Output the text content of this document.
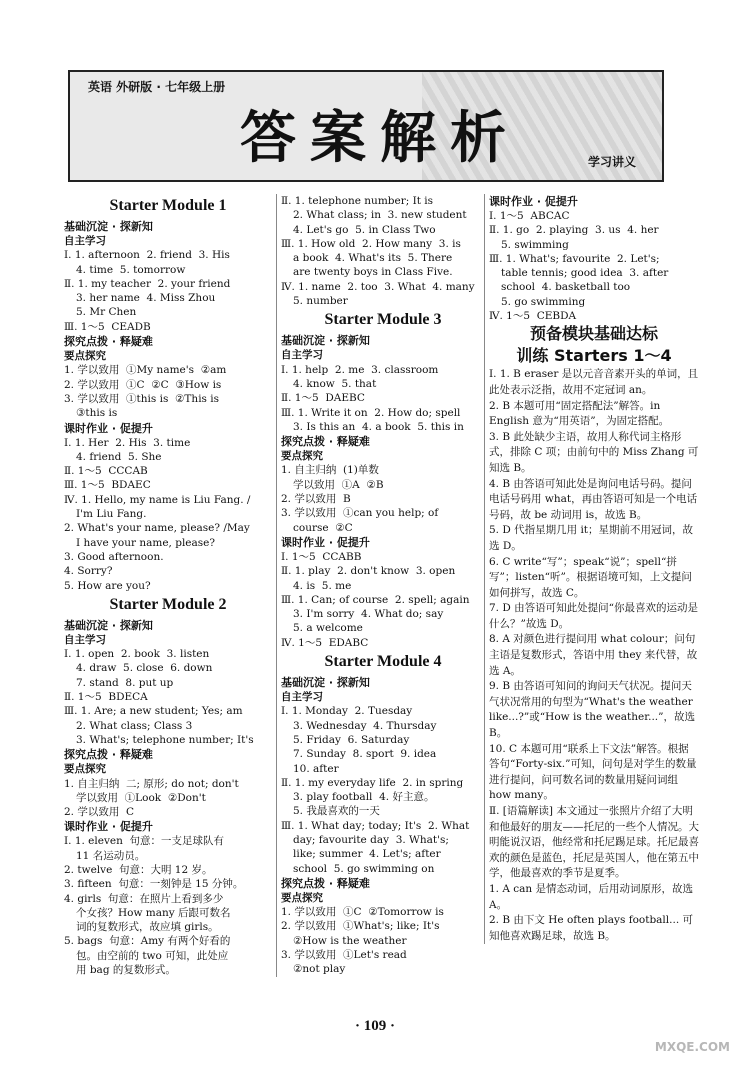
英语 外研版 · 七年级上册
答案解析	学习讲义
Starter Module 1
基础沉淀 · 探新知
自主学习
Ⅰ. 1. afternoon  2. friend  3. His
4. time  5. tomorrow
Ⅱ. 1. my teacher  2. your friend
3. her name  4. Miss Zhou
5. Mr Chen
Ⅲ. 1～5  CEADB
探究点拨 · 释疑难
要点探究
1. 学以致用  ①My name's  ②am
2. 学以致用  ①C  ②C  ③How is
3. 学以致用  ①this is  ②This is
③this is
课时作业 · 促提升
Ⅰ. 1. Her  2. His  3. time
4. friend  5. She
Ⅱ. 1～5  CCCAB
Ⅲ. 1～5  BDAEC
Ⅳ. 1. Hello, my name is Liu Fang. /
I'm Liu Fang.
2. What's your name, please? /May
I have your name, please?
3. Good afternoon.
4. Sorry?
5. How are you?
Starter Module 2
基础沉淀 · 探新知
自主学习
Ⅰ. 1. open  2. book  3. listen
4. draw  5. close  6. down
7. stand  8. put up
Ⅱ. 1～5  BDECA
Ⅲ. 1. Are; a new student; Yes; am
2. What class; Class 3
3. What's; telephone number; It's
探究点拨 · 释疑难
要点探究
1. 自主归纳  二; 原形; do not; don't
学以致用  ①Look  ②Don't
2. 学以致用  C
课时作业 · 促提升
Ⅰ. 1. eleven  句意：一支足球队有
11 名运动员。
2. twelve  句意：大明 12 岁。
3. fifteen  句意：一刻钟是 15 分钟。
4. girls  句意：在照片上看到多少
个女孩？How many 后跟可数名
词的复数形式，故应填 girls。
5. bags  句意：Amy 有两个好看的
包。由空前的 two 可知，此处应
用 bag 的复数形式。
Ⅱ. 1. telephone number; It is
2. What class; in  3. new student
4. Let's go  5. in Class Two
Ⅲ. 1. How old  2. How many  3. is
a book  4. What's its  5. There
are twenty boys in Class Five.
Ⅳ. 1. name  2. too  3. What  4. many
5. number
Starter Module 3
基础沉淀 · 探新知
自主学习
Ⅰ. 1. help  2. me  3. classroom
4. know  5. that
Ⅱ. 1～5  DAEBC
Ⅲ. 1. Write it on  2. How do; spell
3. Is this an  4. a book  5. this in
探究点拨 · 释疑难
要点探究
1. 自主归纳  (1)单数
学以致用  ①A  ②B
2. 学以致用  B
3. 学以致用  ①can you help; of
course  ②C
课时作业 · 促提升
Ⅰ. 1～5  CCABB
Ⅱ. 1. play  2. don't know  3. open
4. is  5. me
Ⅲ. 1. Can; of course  2. spell; again
3. I'm sorry  4. What do; say
5. a welcome
Ⅳ. 1～5  EDABC
Starter Module 4
基础沉淀 · 探新知
自主学习
Ⅰ. 1. Monday  2. Tuesday
3. Wednesday  4. Thursday
5. Friday  6. Saturday
7. Sunday  8. sport  9. idea
10. after
Ⅱ. 1. my everyday life  2. in spring
3. play football  4. 好主意。
5. 我最喜欢的一天
Ⅲ. 1. What day; today; It's  2. What
day; favourite day  3. What's;
like; summer  4. Let's; after
school  5. go swimming on
探究点拨 · 释疑难
要点探究
1. 学以致用  ①C  ②Tomorrow is
2. 学以致用  ①What's; like; It's
②How is the weather
3. 学以致用  ①Let's read
②not play
课时作业 · 促提升
Ⅰ. 1～5  ABCAC
Ⅱ. 1. go  2. playing  3. us  4. her
5. swimming
Ⅲ. 1. What's; favourite  2. Let's;
table tennis; good idea  3. after
school  4. basketball too
5. go swimming
Ⅳ. 1～5  CEBDA
预备模块基础达标
训练 Starters 1～4
Ⅰ. 1. B eraser 是以元音音素开头的单词，且此处表示泛指，故用不定冠词 an。
2. B 本题可用“固定搭配法”解答。in English 意为“用英语”，为固定搭配。
3. B 此处缺少主语，故用人称代词主格形式，排除 C 项；由前句中的 Miss Zhang 可知选 B。
4. B 由答语可知此处是询问电话号码。提问电话号码用 what，再由答语可知是一个电话号码，故 be 动词用 is，故选 B。
5. D 代指星期几用 it；星期前不用冠词，故选 D。
6. C write“写”；speak“说”；spell“拼写”；listen“听”。根据语境可知，上文提问如何拼写，故选 C。
7. D 由答语可知此处提问“你最喜欢的运动是什么？”故选 D。
8. A 对颜色进行提问用 what colour；问句主语是复数形式，答语中用 they 来代替，故选 A。
9. B 由答语可知问的询问天气状况。提问天气状况常用的句型为“What's the weather like...?”或“How is the weather...”，故选 B。
10. C 本题可用“联系上下文法”解答。根据答句“Forty-six.”可知，问句是对学生的数量进行提问，问可数名词的数量用疑问词组 how many。
Ⅱ. [语篇解读] 本文通过一张照片介绍了大明和他最好的朋友——托尼的一些个人情况。大明能说汉语，他经常和托尼踢足球。托尼最喜欢的颜色是蓝色，托尼是英国人，他在第五中学，他最喜欢的季节是夏季。
1. A can 是情态动词，后用动词原形，故选 A。
2. B 由下文 He often plays football... 可知他喜欢踢足球，故选 B。
· 109 ·
MXQE.COM
